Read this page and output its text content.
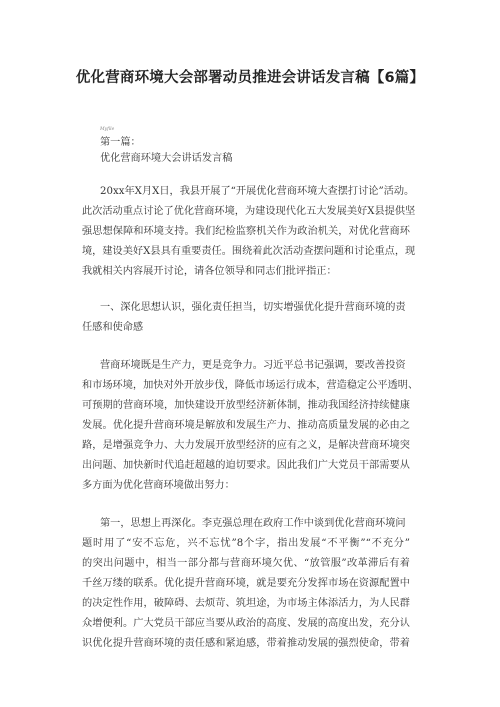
优化营商环境大会部署动员推进会讲话发言稿【6篇】
Myfile
第一篇：
优化营商环境大会讲话发言稿
20xx年X月X日，我县开展了“开展优化营商环境大查摆打讨论”活动。
此次活动重点讨论了优化营商环境，为建设现代化五大发展美好X县提供坚
强思想保障和环境支持。我们纪检监察机关作为政治机关，对优化营商环
境，建设美好X县具有重要责任。围绕着此次活动查摆问题和讨论重点，现
我就相关内容展开讨论，请各位领导和同志们批评指正：
一、深化思想认识，强化责任担当，切实增强优化提升营商环境的责
任感和使命感
营商环境既是生产力，更是竞争力。习近平总书记强调，要改善投资
和市场环境，加快对外开放步伐，降低市场运行成本，营造稳定公平透明、
可预期的营商环境，加快建设开放型经济新体制，推动我国经济持续健康
发展。优化提升营商环境是解放和发展生产力、推动高质量发展的必由之
路，是增强竞争力、大力发展开放型经济的应有之义，是解决营商环境突
出问题、加快新时代追赶超越的迫切要求。因此我们广大党员干部需要从
多方面为优化营商环境做出努力：
第一，思想上再深化。李克强总理在政府工作中谈到优化营商环境问
题时用了“安不忘危，兴不忘忧”8个字，指出发展“不平衡”“不充分”
的突出问题中，相当一部分都与营商环境欠优、“放管服”改革滞后有着
千丝万缕的联系。优化提升营商环境，就是要充分发挥市场在资源配置中
的决定性作用，破障碍、去烦苛、筑坦途，为市场主体添活力，为人民群
众增便利。广大党员干部应当要从政治的高度、发展的高度出发，充分认
识优化提升营商环境的责任感和紧迫感，带着推动发展的强烈使命，带着
